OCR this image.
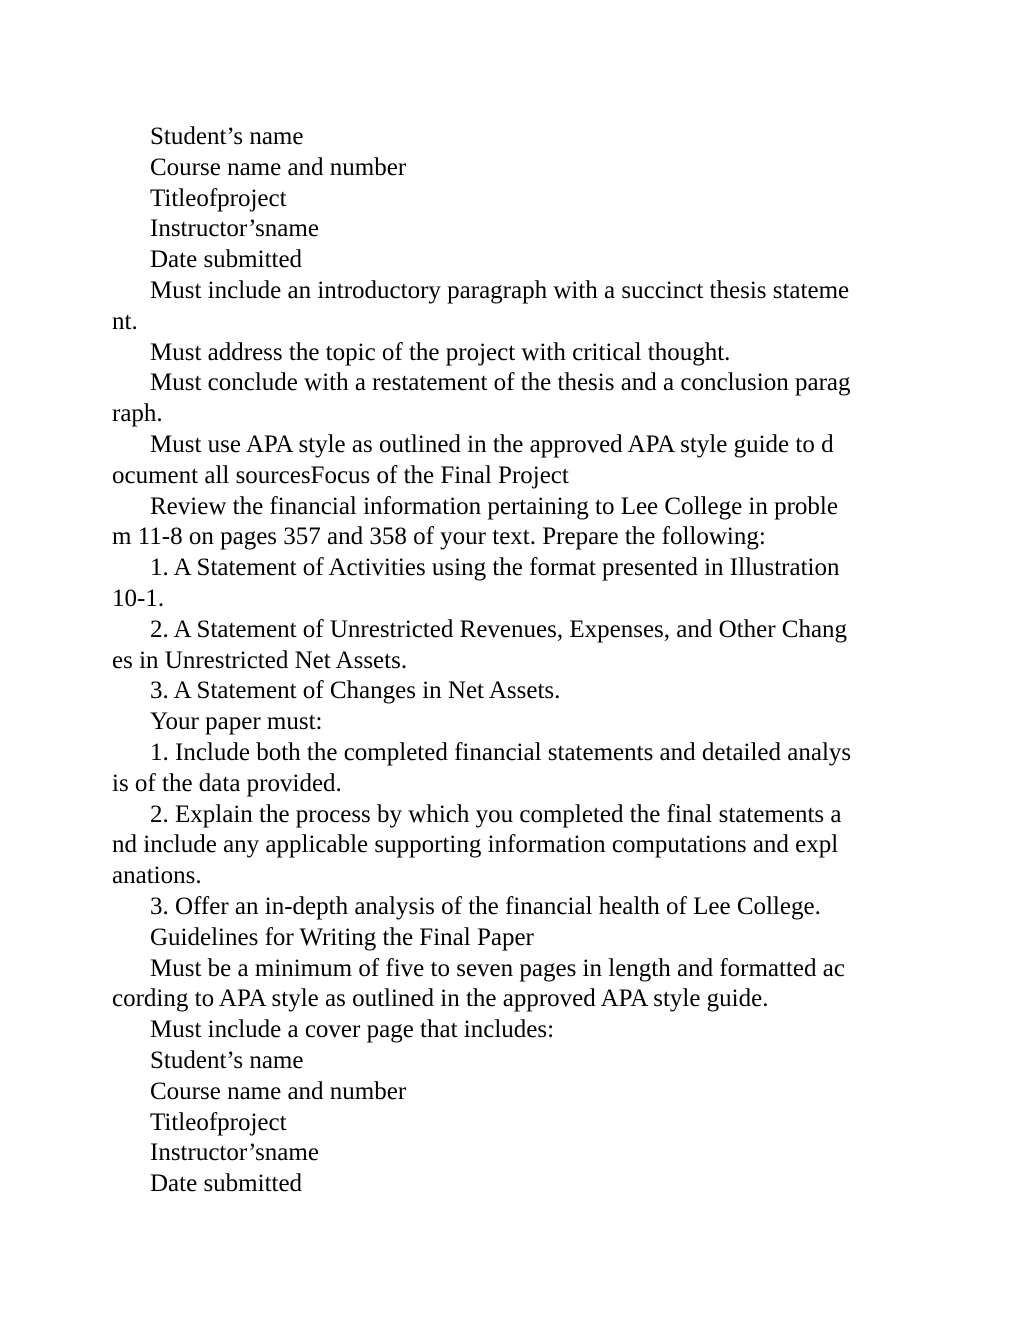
Student’s name
Course name and number
Titleofproject
Instructor’sname
Date submitted
Must include an introductory paragraph with a succinct thesis stateme
nt.
Must address the topic of the project with critical thought.
Must conclude with a restatement of the thesis and a conclusion parag
raph.
Must use APA style as outlined in the approved APA style guide to d
ocument all sourcesFocus of the Final Project
Review the financial information pertaining to Lee College in proble
m 11-8 on pages 357 and 358 of your text. Prepare the following:
1. A Statement of Activities using the format presented in Illustration
10-1.
2. A Statement of Unrestricted Revenues, Expenses, and Other Chang
es in Unrestricted Net Assets.
3. A Statement of Changes in Net Assets.
Your paper must:
1. Include both the completed financial statements and detailed analys
is of the data provided.
2. Explain the process by which you completed the final statements a
nd include any applicable supporting information computations and expl
anations.
3. Offer an in-depth analysis of the financial health of Lee College.
Guidelines for Writing the Final Paper
Must be a minimum of five to seven pages in length and formatted ac
cording to APA style as outlined in the approved APA style guide.
Must include a cover page that includes:
Student’s name
Course name and number
Titleofproject
Instructor’sname
Date submitted
